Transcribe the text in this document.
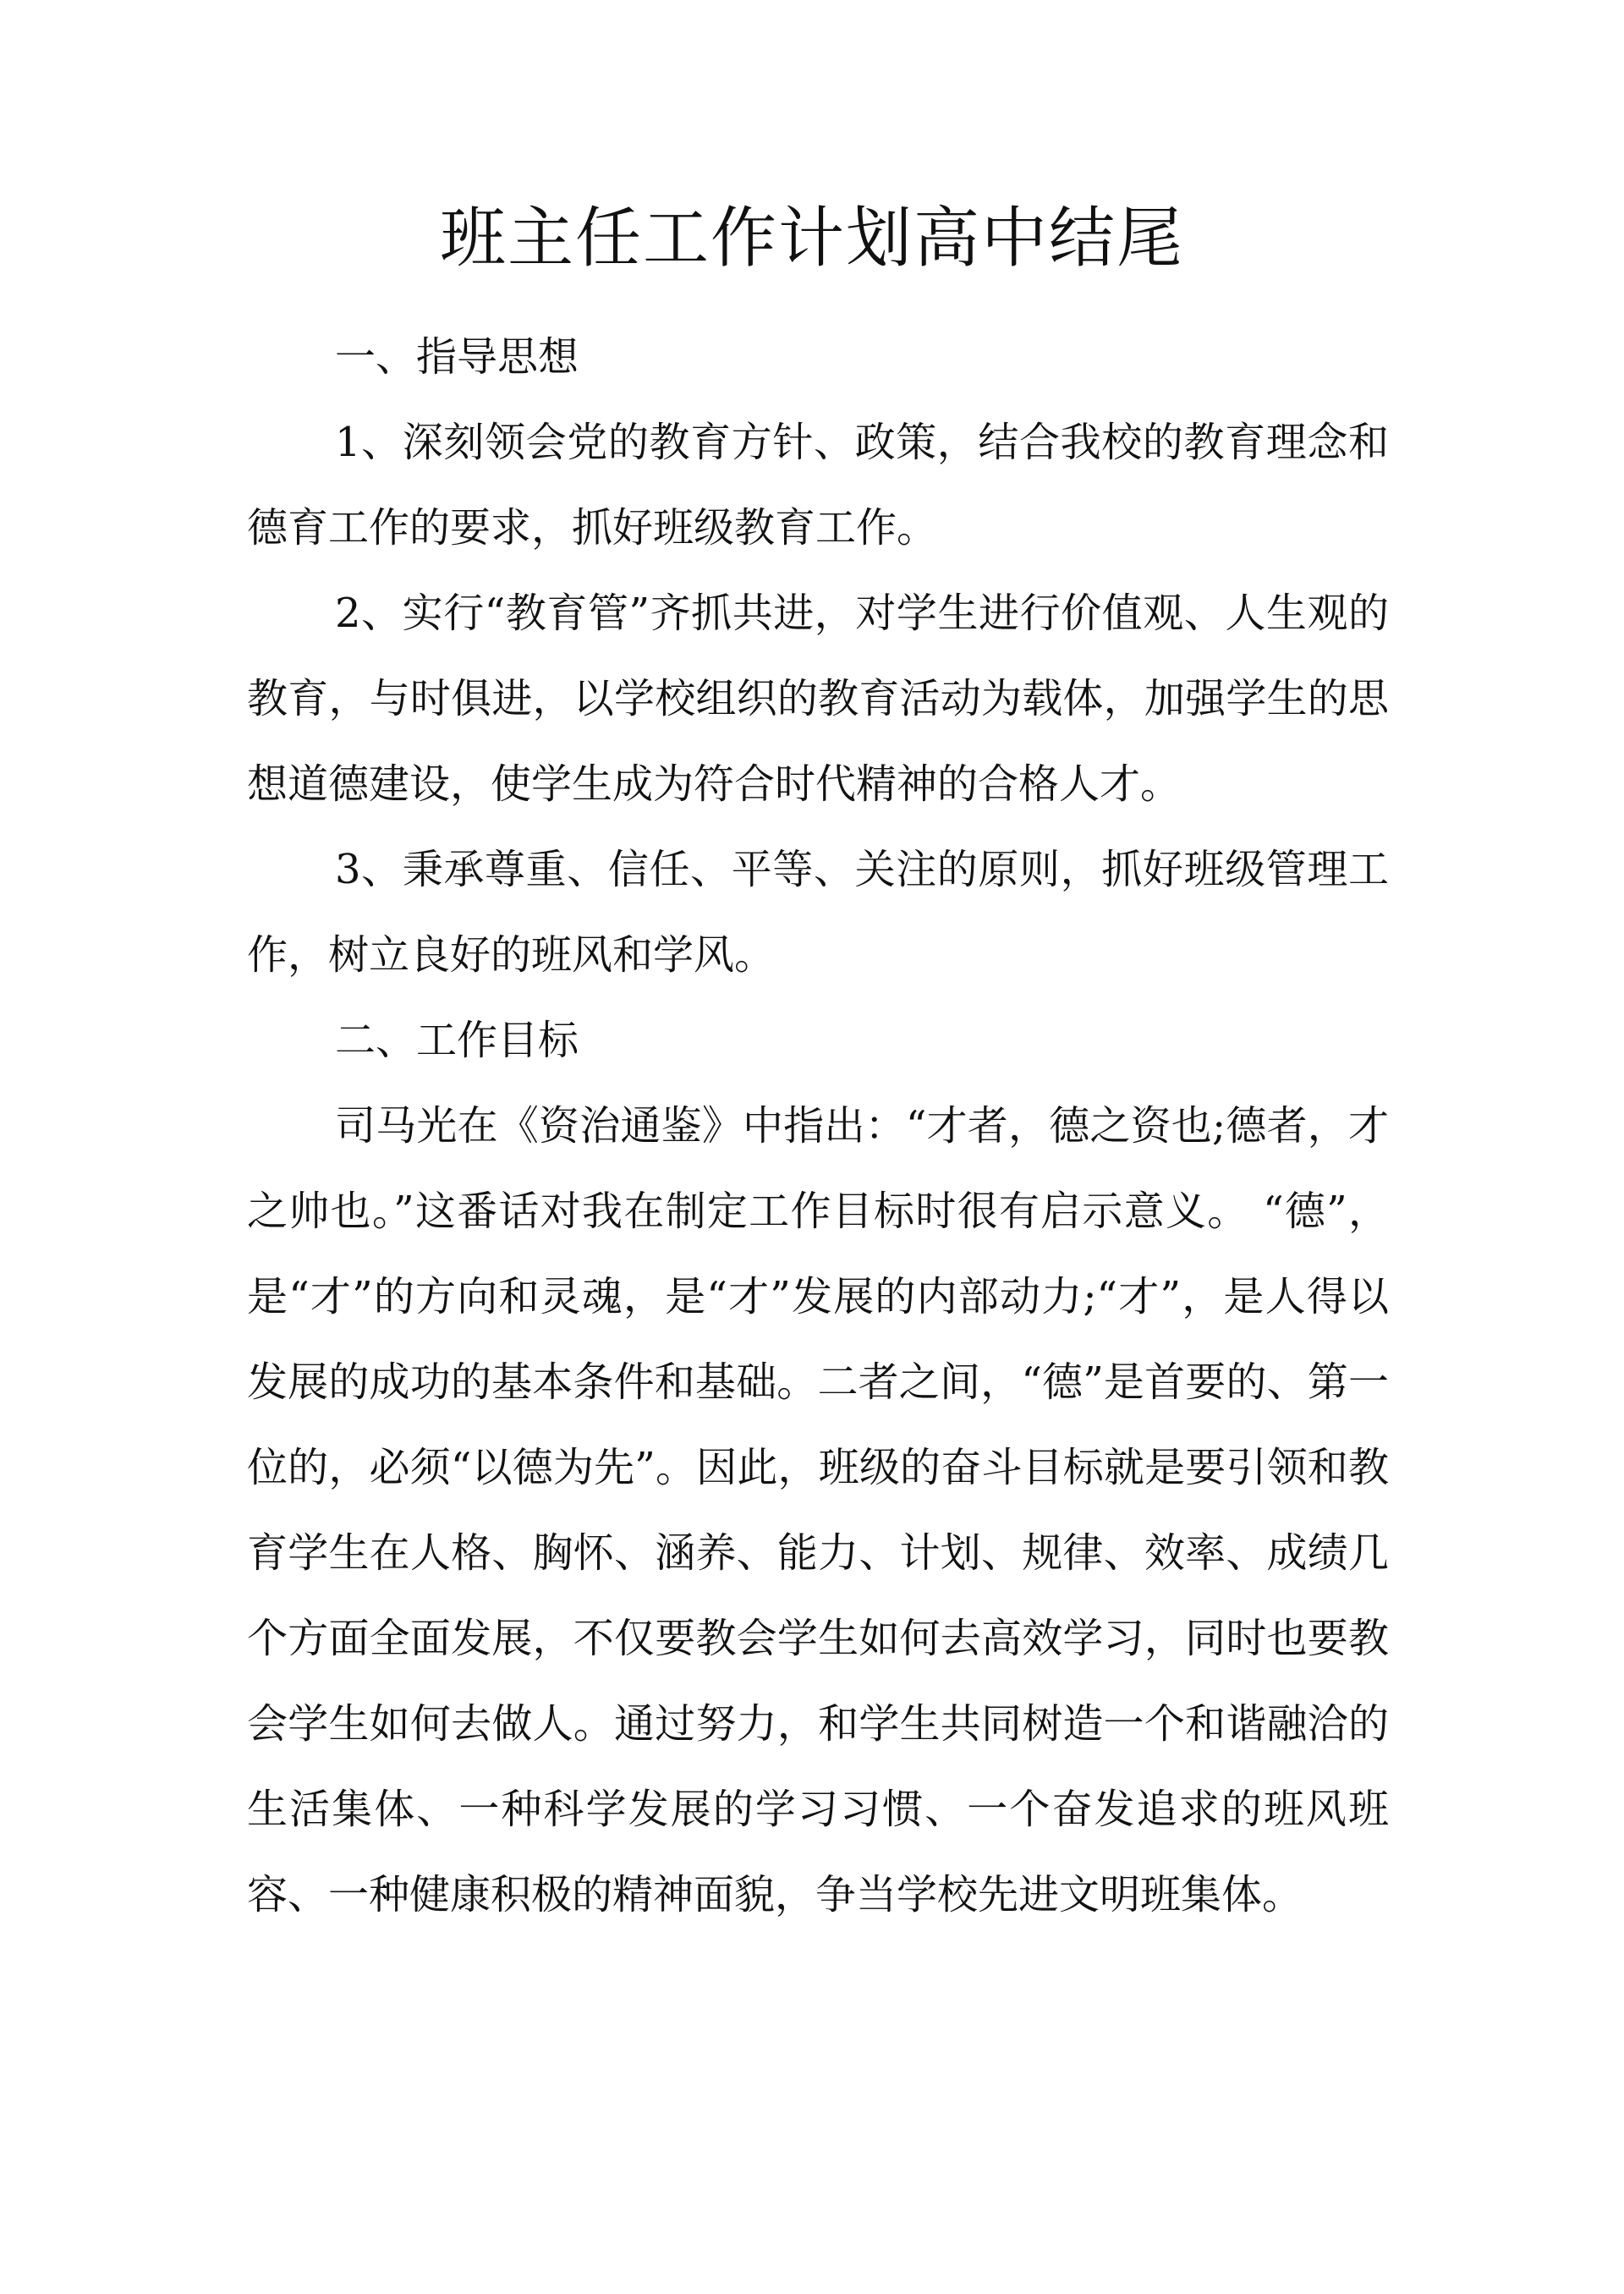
班主任工作计划高中结尾

一、指导思想

1、深刻领会党的教育方针、政策，结合我校的教育理念和德育工作的要求，抓好班级教育工作。

2、实行“教育管”齐抓共进，对学生进行价值观、人生观的教育，与时俱进，以学校组织的教育活动为载体，加强学生的思想道德建设，使学生成为符合时代精神的合格人才。

3、秉承尊重、信任、平等、关注的原则，抓好班级管理工作，树立良好的班风和学风。

二、工作目标

司马光在《资治通鉴》中指出：“才者，德之资也;德者，才之帅也。”这番话对我在制定工作目标时很有启示意义。 “德”，是“才”的方向和灵魂，是“才”发展的内部动力;“才”，是人得以发展的成功的基本条件和基础。二者之间，“德”是首要的、第一位的，必须“以德为先”。因此，班级的奋斗目标就是要引领和教育学生在人格、胸怀、涵养、能力、计划、规律、效率、成绩几个方面全面发展，不仅要教会学生如何去高效学习，同时也要教会学生如何去做人。通过努力，和学生共同树造一个和谐融洽的生活集体、一种科学发展的学习习惯、一个奋发追求的班风班容、一种健康积极的精神面貌，争当学校先进文明班集体。
